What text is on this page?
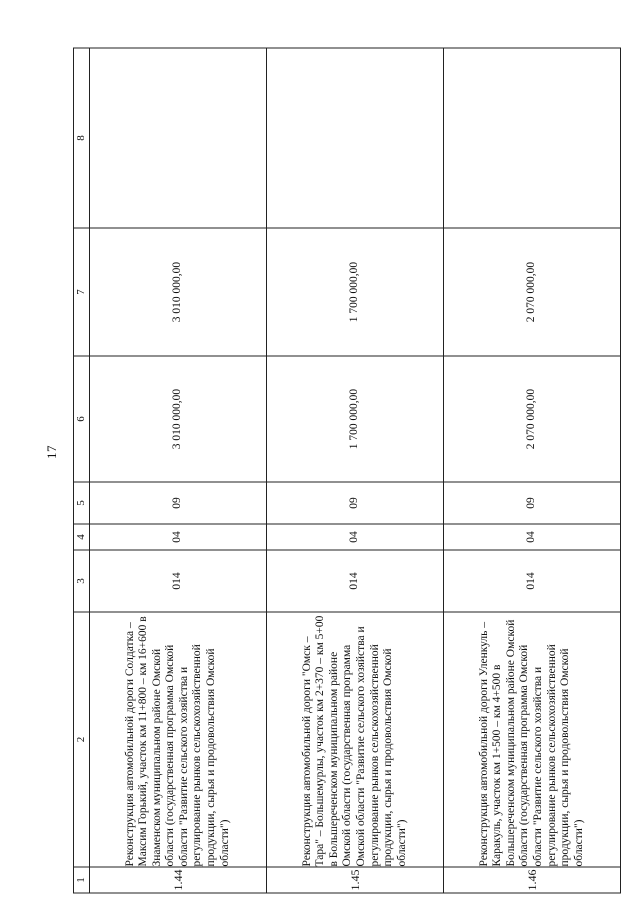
17
1	2	3	4	5	6	7	8
1.44	Реконструкция автомобильной дороги Солдатка – Максим Горький, участок км 11+800 – км 16+600 в Знаменском муниципальном районе Омской области (государственная программа Омской области "Развитие сельского хозяйства и регулирование рынков сельскохозяйственной продукции, сырья и продовольствия Омской области")	014	04	09	3 010 000,00	3 010 000,00	
1.45	Реконструкция автомобильной дороги "Омск – Тара" – Большемурлы, участок км 2+370 – км 5+00 в Большереченском муниципальном районе Омской области (государственная программа Омской области "Развитие сельского хозяйства и регулирование рынков сельскохозяйственной продукции, сырья и продовольствия Омской области")	014	04	09	1 700 000,00	1 700 000,00	
1.46	Реконструкция автомобильной дороги Уленкуль – Каракуль, участок км 1+500 – км 4+500 в Большереченском муниципальном районе Омской области (государственная программа Омской области "Развитие сельского хозяйства и регулирование рынков сельскохозяйственной продукции, сырья и продовольствия Омской области")	014	04	09	2 070 000,00	2 070 000,00	
